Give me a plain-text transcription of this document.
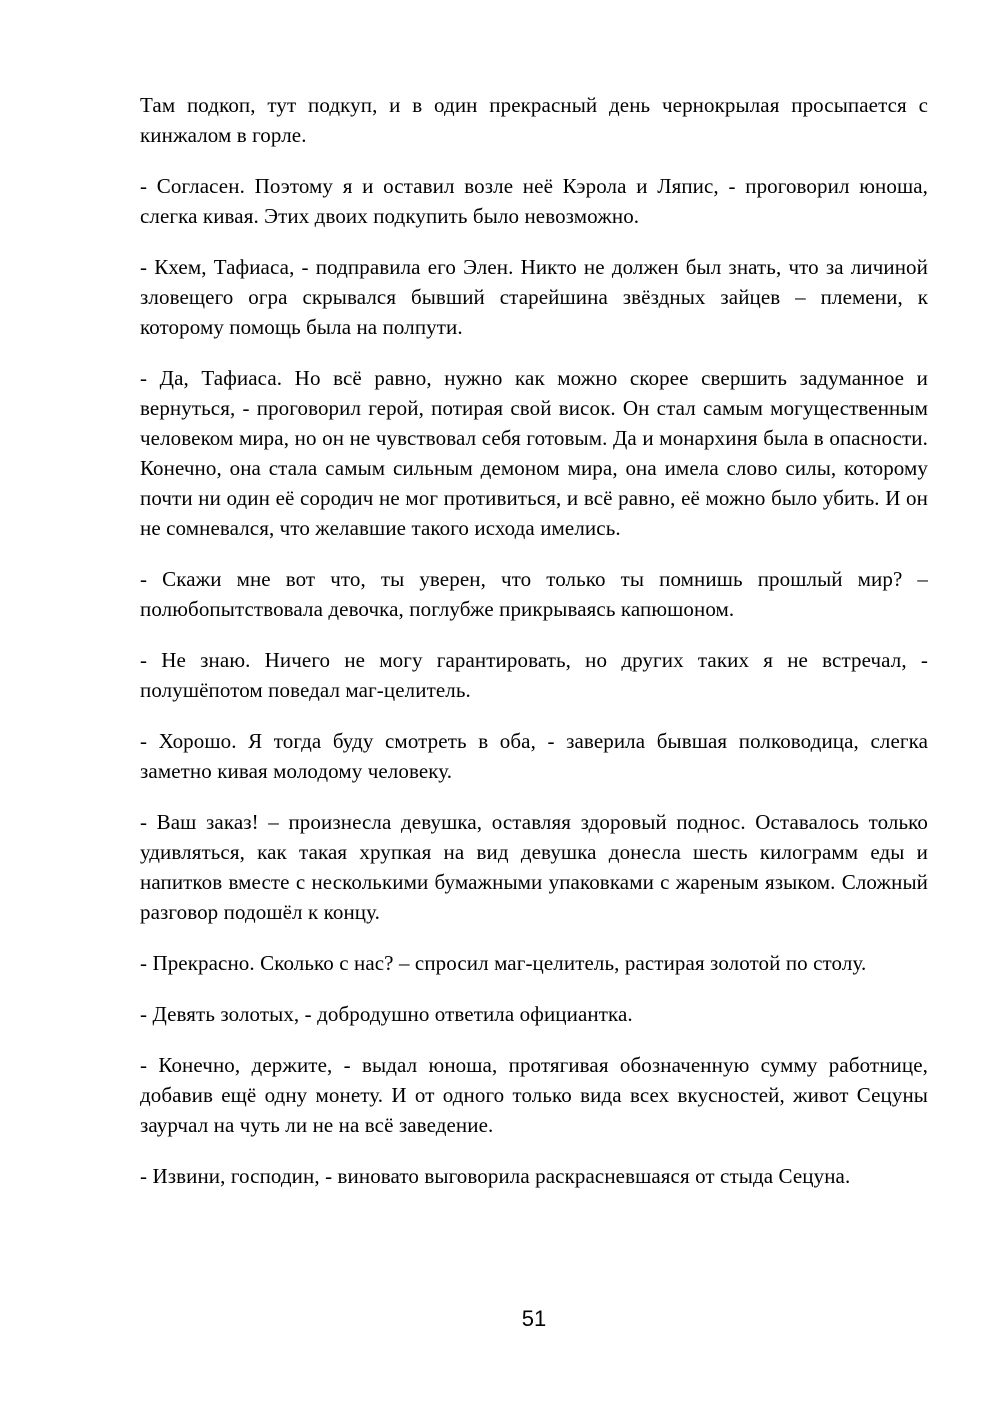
Там подкоп, тут подкуп, и в один прекрасный день чернокрылая просыпается с кинжалом в горле.

- Согласен. Поэтому я и оставил возле неё Кэрола и Ляпис, - проговорил юноша, слегка кивая. Этих двоих подкупить было невозможно.

- Кхем, Тафиаса, - подправила его Элен. Никто не должен был знать, что за личиной зловещего огра скрывался бывший старейшина звёздных зайцев – племени, к которому помощь была на полпути.

- Да, Тафиаса. Но всё равно, нужно как можно скорее свершить задуманное и вернуться, - проговорил герой, потирая свой висок. Он стал самым могущественным человеком мира, но он не чувствовал себя готовым. Да и монархиня была в опасности. Конечно, она стала самым сильным демоном мира, она имела слово силы, которому почти ни один её сородич не мог противиться, и всё равно, её можно было убить. И он не сомневался, что желавшие такого исхода имелись.

- Скажи мне вот что, ты уверен, что только ты помнишь прошлый мир? – полюбопытствовала девочка, поглубже прикрываясь капюшоном.

- Не знаю. Ничего не могу гарантировать, но других таких я не встречал, - полушёпотом поведал маг-целитель.

- Хорошо. Я тогда буду смотреть в оба, - заверила бывшая полководица, слегка заметно кивая молодому человеку.

- Ваш заказ! – произнесла девушка, оставляя здоровый поднос. Оставалось только удивляться, как такая хрупкая на вид девушка донесла шесть килограмм еды и напитков вместе с несколькими бумажными упаковками с жареным языком. Сложный разговор подошёл к концу.

- Прекрасно. Сколько с нас? – спросил маг-целитель, растирая золотой по столу.

- Девять золотых, - добродушно ответила официантка.

- Конечно, держите, - выдал юноша, протягивая обозначенную сумму работнице, добавив ещё одну монету. И от одного только вида всех вкусностей, живот Сецуны заурчал на чуть ли не на всё заведение.

- Извини, господин, - виновато выговорила раскрасневшаяся от стыда Сецуна.

51
